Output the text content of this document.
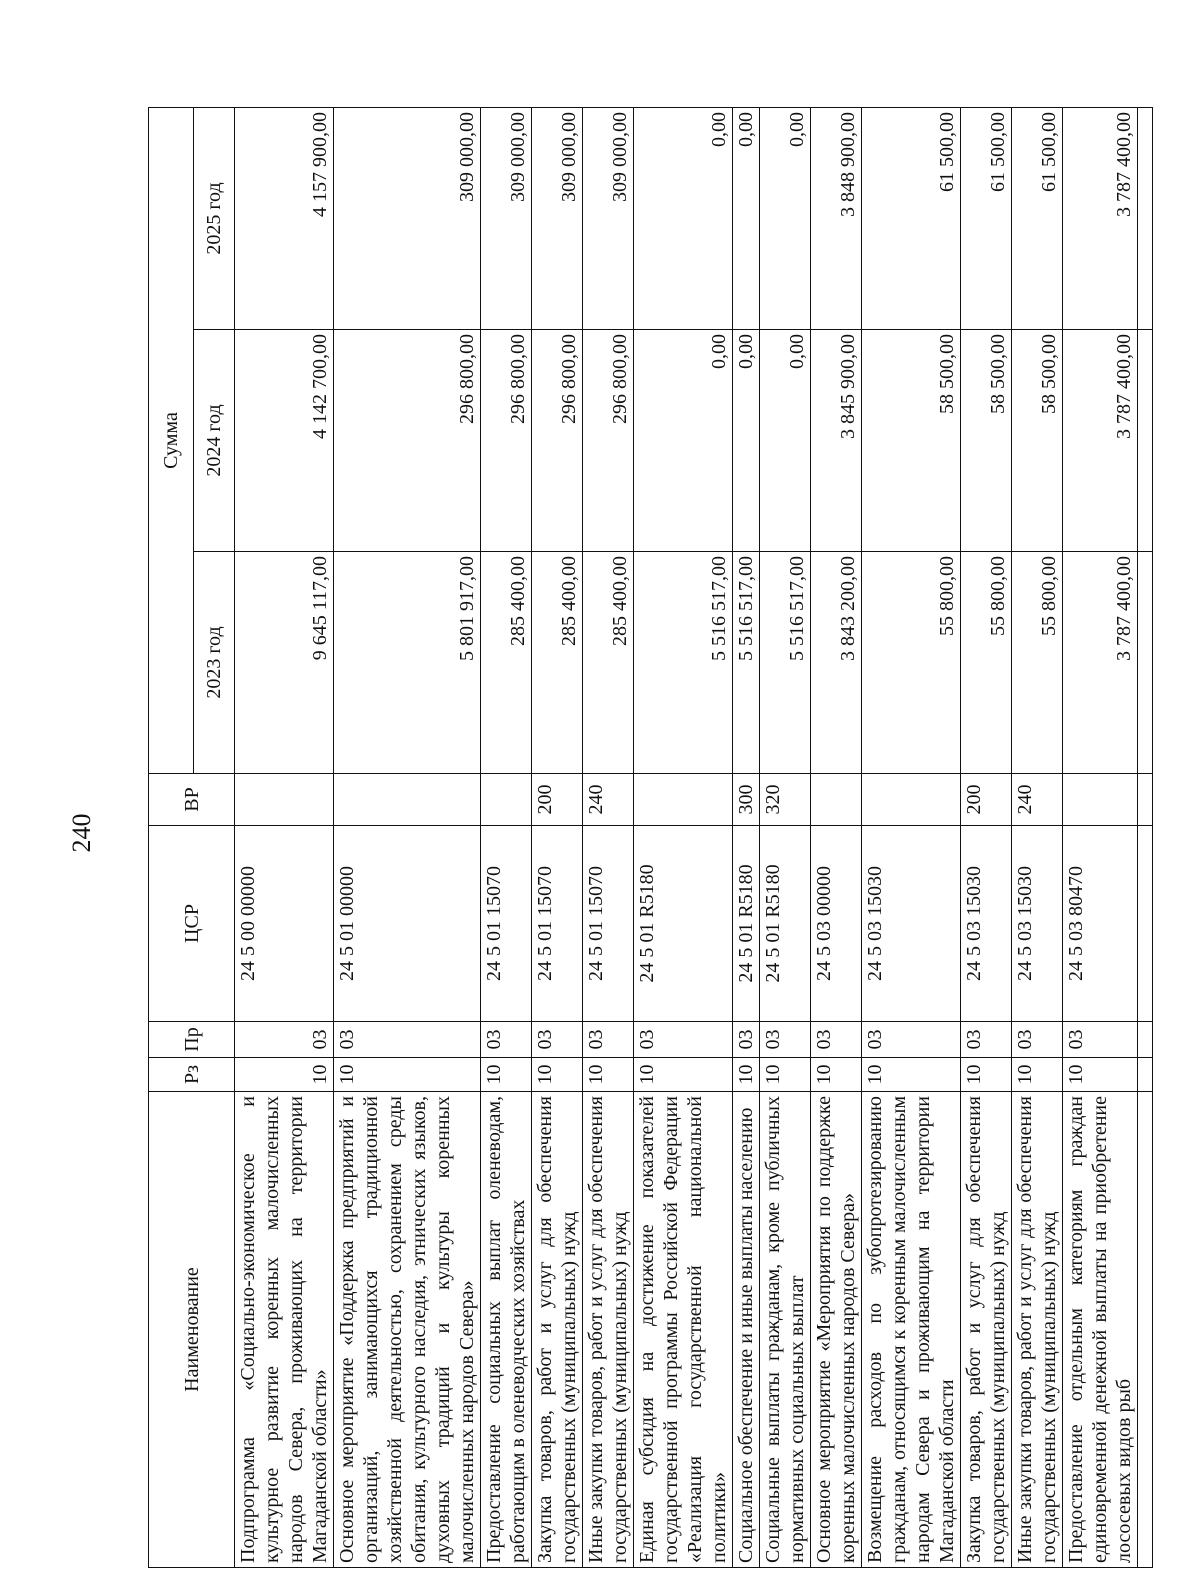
240
Наименование	Рз	Пр	ЦСР	ВР	Сумма		
					2023 год	2024 год	2025 год
Подпрограмма «Социально-экономическое и культурное развитие коренных малочисленных народов Севера, проживающих на территории Магаданской области»	10	03	24 5 00 00000		9 645 117,00	4 142 700,00	4 157 900,00
Основное мероприятие «Поддержка предприятий и организаций, занимающихся традиционной хозяйственной деятельностью, сохранением среды обитания, культурного наследия, этнических языков, духовных традиций и культуры коренных малочисленных народов Севера»	10	03	24 5 01 00000		5 801 917,00	296 800,00	309 000,00
Предоставление социальных выплат оленеводам, работающим в оленеводческих хозяйствах	10	03	24 5 01 15070		285 400,00	296 800,00	309 000,00
Закупка товаров, работ и услуг для обеспечения государственных (муниципальных) нужд	10	03	24 5 01 15070	200	285 400,00	296 800,00	309 000,00
Иные закупки товаров, работ и услуг для обеспечения государственных (муниципальных) нужд	10	03	24 5 01 15070	240	285 400,00	296 800,00	309 000,00
Единая субсидия на достижение показателей государственной программы Российской Федерации «Реализация государственной национальной политики»	10	03	24 5 01 R5180		5 516 517,00	0,00	0,00
Социальное обеспечение и иные выплаты населению	10	03	24 5 01 R5180	300	5 516 517,00	0,00	0,00
Социальные выплаты гражданам, кроме публичных нормативных социальных выплат	10	03	24 5 01 R5180	320	5 516 517,00	0,00	0,00
Основное мероприятие «Мероприятия по поддержке коренных малочисленных народов Севера»	10	03	24 5 03 00000		3 843 200,00	3 845 900,00	3 848 900,00
Возмещение расходов по зубопротезированию гражданам, относящимся к коренным малочисленным народам Севера и проживающим на территории Магаданской области	10	03	24 5 03 15030		55 800,00	58 500,00	61 500,00
Закупка товаров, работ и услуг для обеспечения государственных (муниципальных) нужд	10	03	24 5 03 15030	200	55 800,00	58 500,00	61 500,00
Иные закупки товаров, работ и услуг для обеспечения государственных (муниципальных) нужд	10	03	24 5 03 15030	240	55 800,00	58 500,00	61 500,00
Предоставление отдельным категориям граждан единовременной денежной выплаты на приобретение лососевых видов рыб	10	03	24 5 03 80470		3 787 400,00	3 787 400,00	3 787 400,00
